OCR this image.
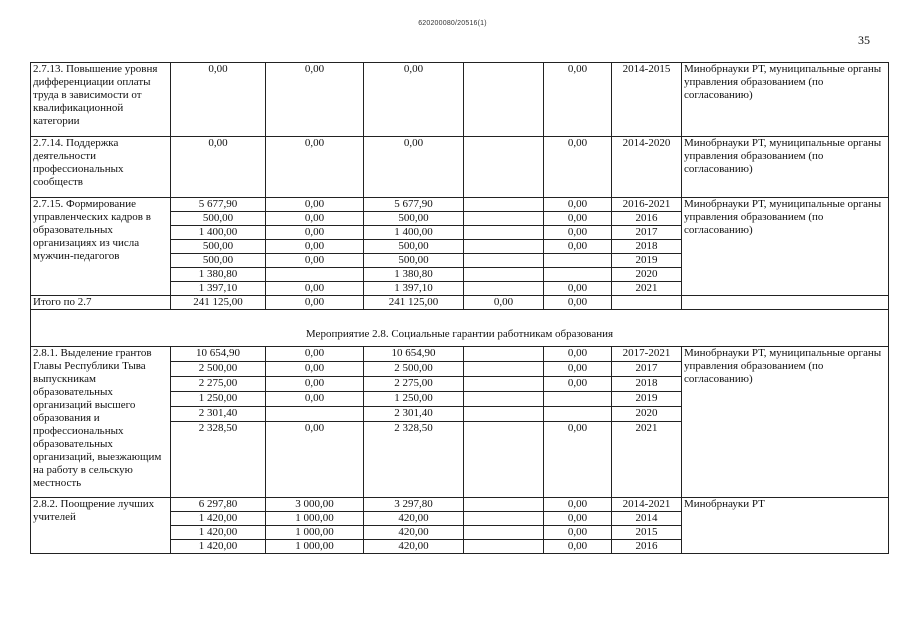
620200080/20516(1)
35
2.7.13. Повышение уровня дифференциации оплаты труда в зависимости от квалификационной категории	0,00	0,00	0,00		0,00	2014-2015	Минобрнауки РТ, муниципальные органы управления образованием (по согласованию)
2.7.14. Поддержка деятельности профессиональных сообществ	0,00	0,00	0,00		0,00	2014-2020	Минобрнауки РТ, муниципальные органы управления образованием (по согласованию)
2.7.15. Формирование управленческих кадров в образовательных организациях из числа мужчин-педагогов	5 677,90	0,00	5 677,90		0,00	2016-2021	Минобрнауки РТ, муниципальные органы управления образованием (по согласованию)
	500,00	0,00	500,00		0,00	2016	
	1 400,00	0,00	1 400,00		0,00	2017	
	500,00	0,00	500,00		0,00	2018	
	500,00	0,00	500,00			2019	
	1 380,80		1 380,80			2020	
	1 397,10	0,00	1 397,10		0,00	2021	
Итого по 2.7	241 125,00	0,00	241 125,00	0,00	0,00		
Мероприятие 2.8. Социальные гарантии работникам образования							
2.8.1. Выделение грантов Главы Республики Тыва выпускникам образовательных организаций высшего образования и профессиональных образовательных организаций, выезжающим на работу в сельскую местность	10 654,90	0,00	10 654,90		0,00	2017-2021	Минобрнауки РТ, муниципальные органы управления образованием (по согласованию)
	2 500,00	0,00	2 500,00		0,00	2017	
	2 275,00	0,00	2 275,00		0,00	2018	
	1 250,00	0,00	1 250,00			2019	
	2 301,40		2 301,40			2020	
	2 328,50	0,00	2 328,50		0,00	2021	
2.8.2. Поощрение лучших учителей	6 297,80	3 000,00	3 297,80		0,00	2014-2021	Минобрнауки РТ
	1 420,00	1 000,00	420,00		0,00	2014	
	1 420,00	1 000,00	420,00		0,00	2015	
	1 420,00	1 000,00	420,00		0,00	2016	
